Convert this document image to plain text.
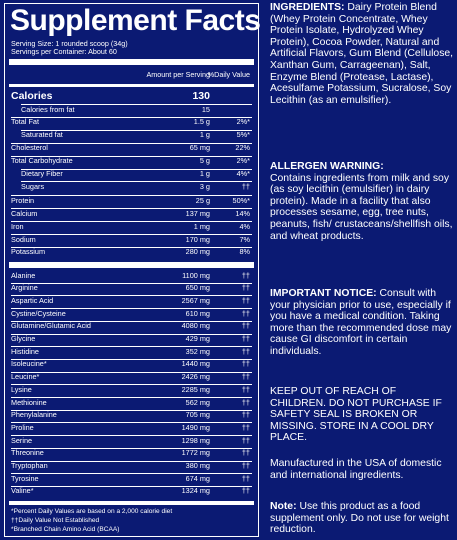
Supplement Facts
Serving Size: 1 rounded scoop (34g)
Servings per Container: About 60
Amount per Serving
%Daily Value
Calories	130
Calories from fat	15
Total Fat	1.5 g	2%*
Saturated fat	1 g	5%*
Cholesterol	65 mg	22%
Total Carbohydrate	5 g	2%*
Dietary Fiber	1 g	4%*
Sugars	3 g	††
Protein	25 g	50%*
Calcium	137 mg	14%
Iron	1 mg	4%
Sodium	170 mg	7%
Potassium	280 mg	8%
Alanine	1100 mg	††
Arginine	650 mg	††
Aspartic Acid	2567 mg	††
Cystine/Cysteine	610 mg	††
Glutamine/Glutamic Acid	4080 mg	††
Glycine	429 mg	††
Histidine	352 mg	††
Isoleucine*	1440 mg	††
Leucine*	2426 mg	††
Lysine	2285 mg	††
Methionine	562 mg	††
Phenylalanine	705 mg	††
Proline	1490 mg	††
Serine	1298 mg	††
Threonine	1772 mg	††
Tryptophan	380 mg	††
Tyrosine	674 mg	††
Valine*	1324 mg	††
*Percent Daily Values are based on a 2,000 calorie diet
††Daily Value Not Established
*Branched Chain Amino Acid (BCAA)

INGREDIENTS: Dairy Protein Blend (Whey Protein Concentrate, Whey Protein Isolate, Hydrolyzed Whey Protein), Cocoa Powder, Natural and Artificial Flavors, Gum Blend (Cellulose, Xanthan Gum, Carrageenan), Salt, Enzyme Blend (Protease, Lactase), Acesulfame Potassium, Sucralose, Soy Lecithin (as an emulsifier).

ALLERGEN WARNING:

Contains ingredients from milk and soy (as soy lecithin (emulsifier) in dairy protein). Made in a facility that also processes sesame, egg, tree nuts, peanuts, fish/ crustaceans/shellfish oils, and wheat products.

IMPORTANT NOTICE: Consult with your physician prior to use, especially if you have a medical condition. Taking more than the recommended dose may cause GI discomfort in certain individuals.

KEEP OUT OF REACH OF CHILDREN. DO NOT PURCHASE IF SAFETY SEAL IS BROKEN OR MISSING. STORE IN A COOL DRY PLACE.

Manufactured in the USA of domestic and international ingredients.

Note: Use this product as a food supplement only. Do not use for weight reduction.
